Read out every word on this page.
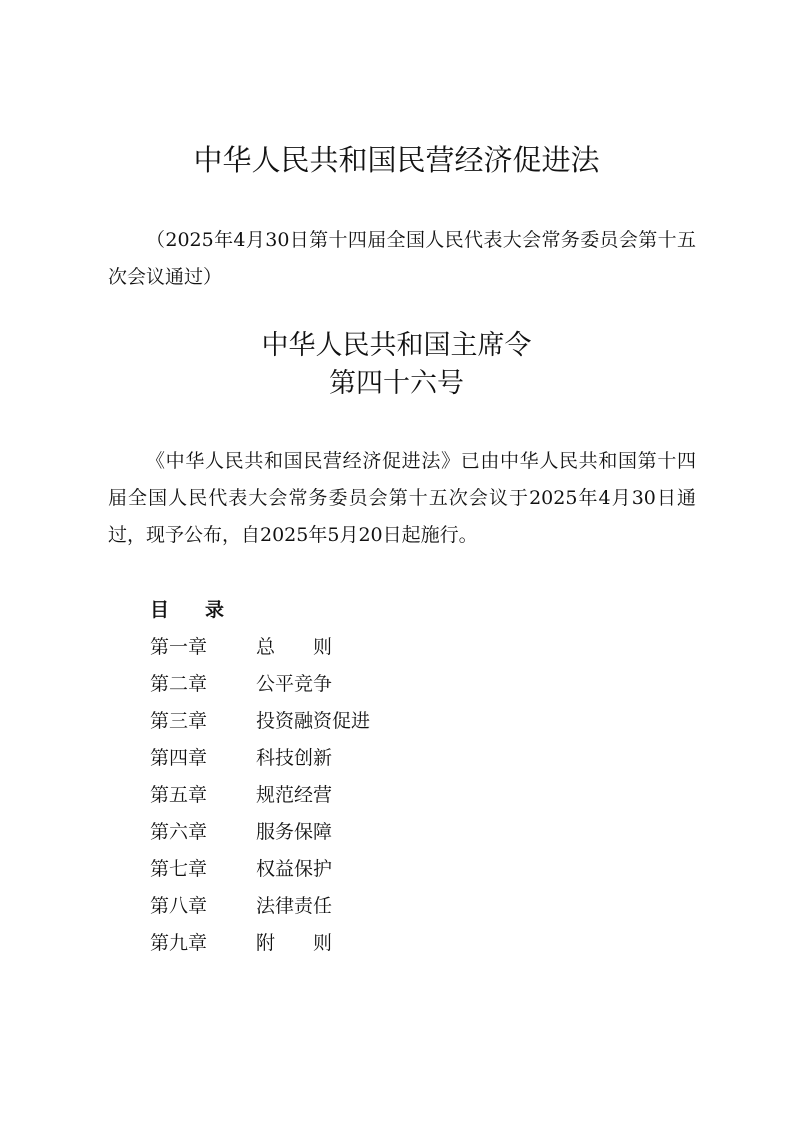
中华人民共和国民营经济促进法
（2025年4月30日第十四届全国人民代表大会常务委员会第十五次会议通过）
中华人民共和国主席令
第四十六号
《中华人民共和国民营经济促进法》已由中华人民共和国第十四届全国人民代表大会常务委员会第十五次会议于2025年4月30日通过，现予公布，自2025年5月20日起施行。
目录
第一章	总则
第二章	公平竞争
第三章	投资融资促进
第四章	科技创新
第五章	规范经营
第六章	服务保障
第七章	权益保护
第八章	法律责任
第九章	附则
